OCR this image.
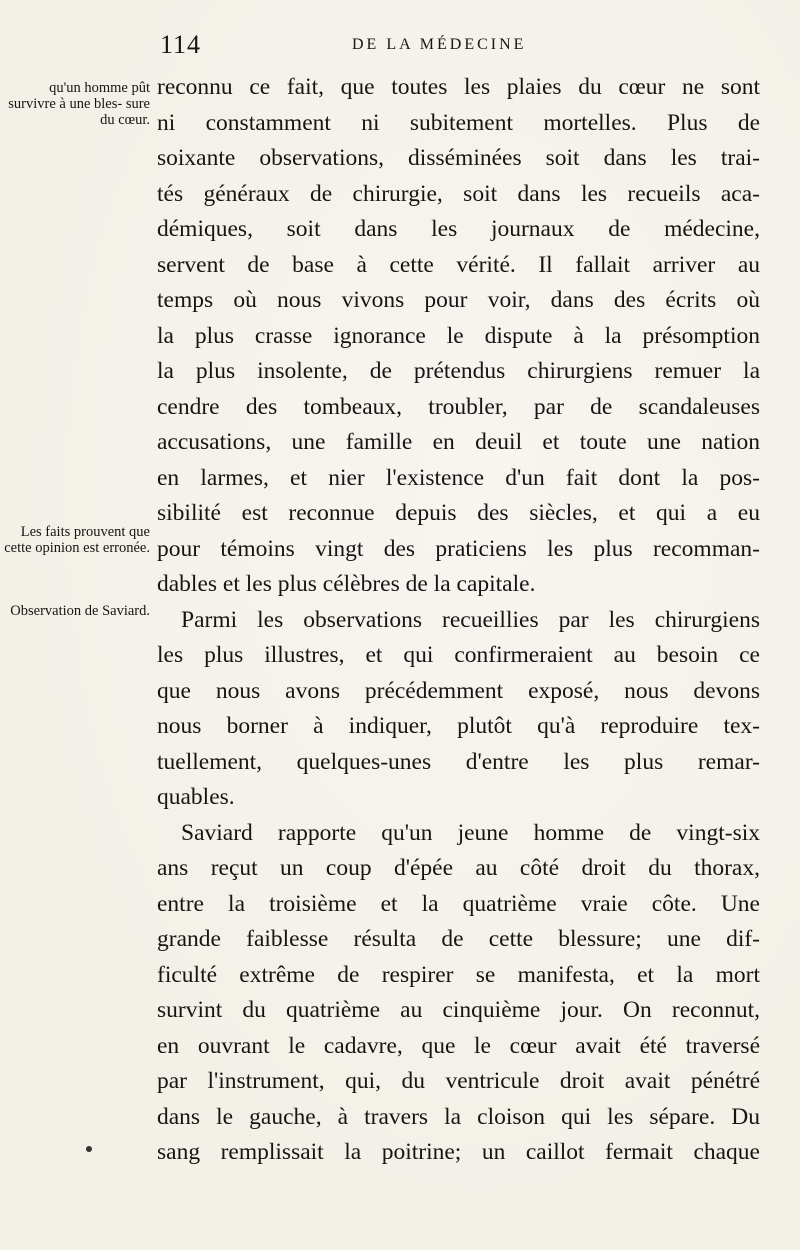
114	DE LA MÉDECINE
qu'un homme pût survivre à une bles- sure du cœur.
Les faits prouvent que cette opinion est erronée.
Observation de Saviard.
reconnu ce fait, que toutes les plaies du cœur ne sont
ni constamment ni subitement mortelles. Plus de
soixante observations, disséminées soit dans les trai-
tés généraux de chirurgie, soit dans les recueils aca-
démiques, soit dans les journaux de médecine,
servent de base à cette vérité. Il fallait arriver au
temps où nous vivons pour voir, dans des écrits où
la plus crasse ignorance le dispute à la présomption
la plus insolente, de prétendus chirurgiens remuer la
cendre des tombeaux, troubler, par de scandaleuses
accusations, une famille en deuil et toute une nation
en larmes, et nier l'existence d'un fait dont la pos-
sibilité est reconnue depuis des siècles, et qui a eu
pour témoins vingt des praticiens les plus recomman-
dables et les plus célèbres de la capitale.
Parmi les observations recueillies par les chirurgiens
les plus illustres, et qui confirmeraient au besoin ce
que nous avons précédemment exposé, nous devons
nous borner à indiquer, plutôt qu'à reproduire tex-
tuellement, quelques-unes d'entre les plus remar-
quables.
Saviard rapporte qu'un jeune homme de vingt-six
ans reçut un coup d'épée au côté droit du thorax,
entre la troisième et la quatrième vraie côte. Une
grande faiblesse résulta de cette blessure; une dif-
ficulté extrême de respirer se manifesta, et la mort
survint du quatrième au cinquième jour. On reconnut,
en ouvrant le cadavre, que le cœur avait été traversé
par l'instrument, qui, du ventricule droit avait pénétré
dans le gauche, à travers la cloison qui les sépare. Du
sang remplissait la poitrine; un caillot fermait chaque
